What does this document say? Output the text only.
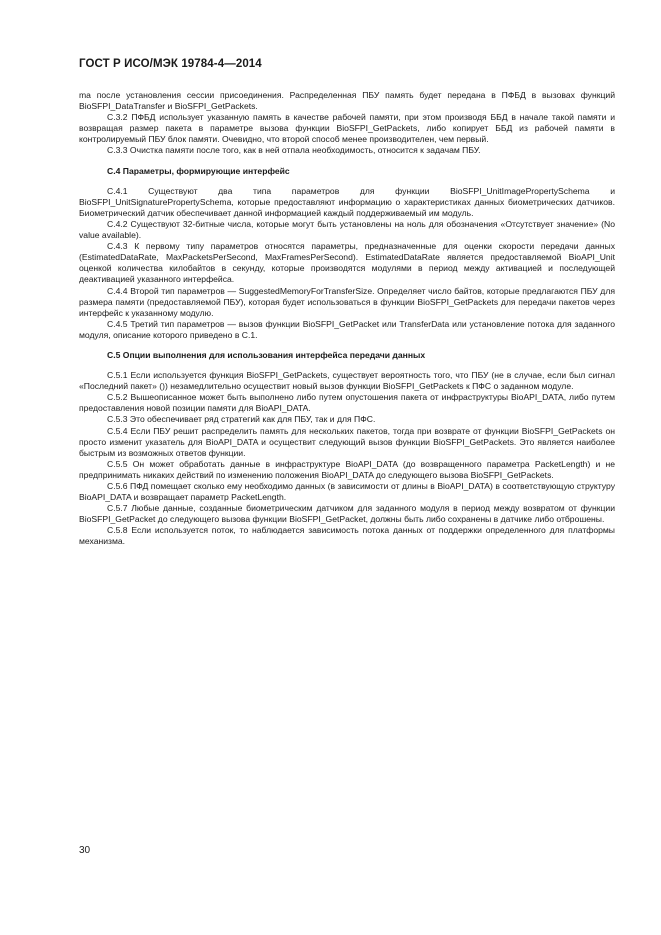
ГОСТ Р ИСО/МЭК 19784-4—2014

ma после установления сессии присоединения. Распределенная ПБУ память будет передана в ПФБД в вызовах функций BioSFPI_DataTransfer и BioSFPI_GetPackets.

С.3.2 ПФБД использует указанную память в качестве рабочей памяти, при этом производя ББД в начале такой памяти и возвращая размер пакета в параметре вызова функции BioSFPI_GetPackets, либо копирует ББД из рабочей памяти в контролируемый ПБУ блок памяти. Очевидно, что второй способ менее производителен, чем первый.

С.3.3 Очистка памяти после того, как в ней отпала необходимость, относится к задачам ПБУ.

С.4 Параметры, формирующие интерфейс

С.4.1 Существуют два типа параметров для функции BioSFPI_UnitImagePropertySchema и BioSFPI_UnitSignaturePropertySchema, которые предоставляют информацию о характеристиках данных биометрических датчиков. Биометрический датчик обеспечивает данной информацией каждый поддерживаемый им модуль.

С.4.2 Существуют 32-битные числа, которые могут быть установлены на ноль для обозначения «Отсутствует значение» (No value available).

С.4.3 К первому типу параметров относятся параметры, предназначенные для оценки скорости передачи данных (EstimatedDataRate, MaxPacketsPerSecond, MaxFramesPerSecond). EstimatedDataRate является предоставляемой BioAPI_Unit оценкой количества килобайтов в секунду, которые производятся модулями в период между активацией и последующей деактивацией указанного интерфейса.

С.4.4 Второй тип параметров — SuggestedMemoryForTransferSize. Определяет число байтов, которые предлагаются ПБУ для размера памяти (предоставляемой ПБУ), которая будет использоваться в функции BioSFPI_GetPackets для передачи пакетов через интерфейс к указанному модулю.

С.4.5 Третий тип параметров — вызов функции BioSFPI_GetPacket или TransferData или установление потока для заданного модуля, описание которого приведено в С.1.

С.5 Опции выполнения для использования интерфейса передачи данных

С.5.1 Если используется функция BioSFPI_GetPackets, существует вероятность того, что ПБУ (не в случае, если был сигнал «Последний пакет» ()) незамедлительно осуществит новый вызов функции BioSFPI_GetPackets к ПФС о заданном модуле.

С.5.2 Вышеописанное может быть выполнено либо путем опустошения пакета от инфраструктуры BioAPI_DATA, либо путем предоставления новой позиции памяти для BioAPI_DATA.

С.5.3 Это обеспечивает ряд стратегий как для ПБУ, так и для ПФС.

С.5.4 Если ПБУ решит распределить память для нескольких пакетов, тогда при возврате от функции BioSFPI_GetPackets он просто изменит указатель для BioAPI_DATA и осуществит следующий вызов функции BioSFPI_GetPackets. Это является наиболее быстрым из возможных ответов функции.

С.5.5 Он может обработать данные в инфраструктуре BioAPI_DATA (до возвращенного параметра PacketLength) и не предпринимать никаких действий по изменению положения BioAPI_DATA до следующего вызова BioSFPI_GetPackets.

С.5.6 ПФД помещает сколько ему необходимо данных (в зависимости от длины в BioAPI_DATA) в соответствующую структуру BioAPI_DATA и возвращает параметр PacketLength.

С.5.7 Любые данные, созданные биометрическим датчиком для заданного модуля в период между возвратом от функции BioSFPI_GetPacket до следующего вызова функции BioSFPI_GetPacket, должны быть либо сохранены в датчике либо отброшены.

С.5.8 Если используется поток, то наблюдается зависимость потока данных от поддержки определенного для платформы механизма.

30
